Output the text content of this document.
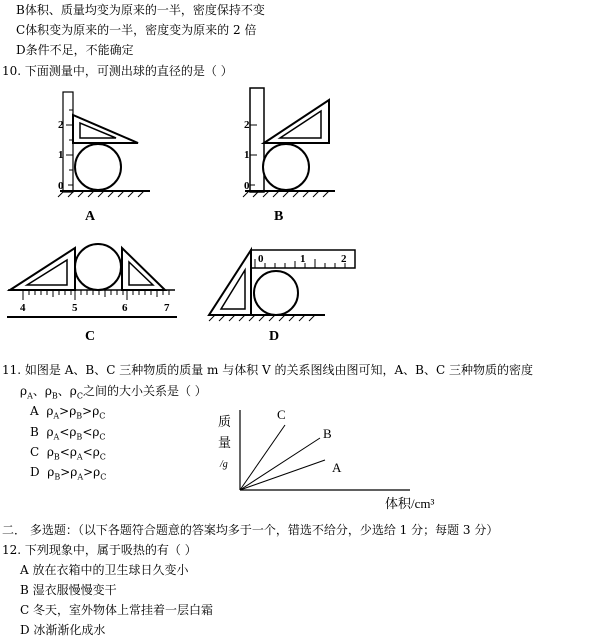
B体积、质量均变为原来的一半，密度保持不变
C体积变为原来的一半，密度变为原来的 2 倍
D条件不足，不能确定
10. 下面测量中，可测出球的直径的是（ ）
0
1
2
A
0
1
2
B
4	5	6	7
C
0	1	2
D
11. 如图是 A、B、C 三种物质的质量 m 与体积 V 的关系图线由图可知，A、B、C 三种物质的密度
$\rho_A$、$\rho_B$、$\rho_C$之间的大小关系是（ ）
A $\rho_A>\rho_B>\rho_C$
B $\rho_A<\rho_B<\rho_C$
C $\rho_B<\rho_A<\rho_C$
D $\rho_B>\rho_A>\rho_C$
C
B
A
质
量
/g
体积/cm³
二． 多选题：（以下各题符合题意的答案均多于一个，错选不给分，少选给 1 分；每题 3 分）
12. 下列现象中，属于吸热的有（ ）
A 放在衣箱中的卫生球日久变小
B 湿衣服慢慢变干
C 冬天，室外物体上常挂着一层白霜
D 冰渐渐化成水
